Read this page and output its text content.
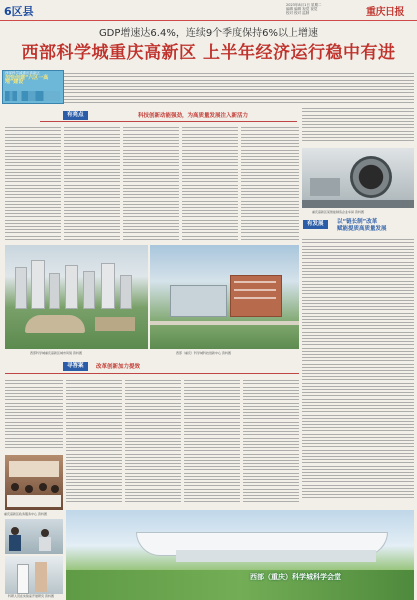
6区县	2023年8月1日 星期二
编辑 编辑 视觉 视觉
校对 校对 监制	重庆日报
GDP增速达6.4%，连续9个季度保持6%以上增速
西部科学城重庆高新区 上半年经济运行稳中有进
西部科学城重庆高新区
加快创建“六区一高地”建设
有亮点	科技创新动能强劲，为高质量发展注入新活力
重庆高新区某智能制造企业车间 资料图
有发展	以“链长制”改革
赋能提质高质量发展
西部科学城重庆高新区城市风貌 资料图	西部（重庆）科学城科技创新中心 资料图
寻答案	改革创新加力提效
重庆高新区政务服务中心 资料图
科研人员在实验室开展研究 资料图
西部（重庆）科学城科学会堂
